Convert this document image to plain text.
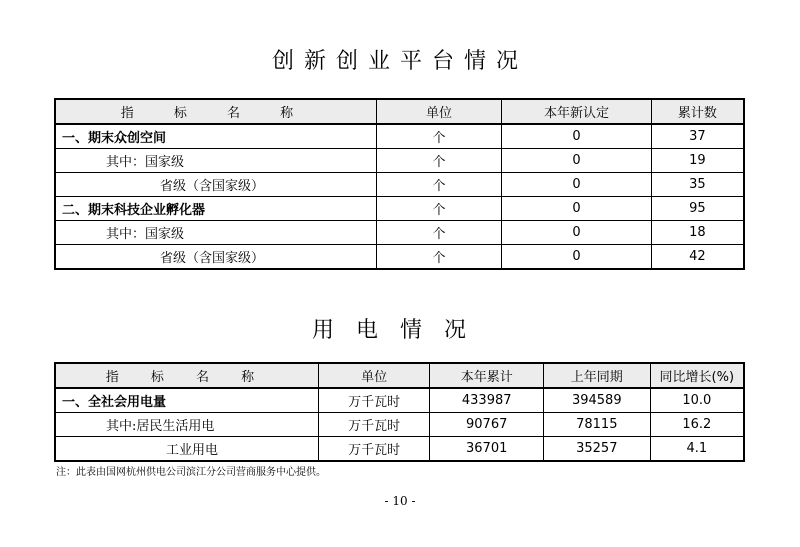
创新创业平台情况
指 标 名 称	单位	本年新认定	累计数
一、期末众创空间	个	0	37
其中：国家级	个	0	19
省级（含国家级）	个	0	35
二、期末科技企业孵化器	个	0	95
其中：国家级	个	0	18
省级（含国家级）	个	0	42
用电情况
指 标 名 称	单位	本年累计	上年同期	同比增长(%)
一、全社会用电量	万千瓦时	433987	394589	10.0
其中:居民生活用电	万千瓦时	90767	78115	16.2
工业用电	万千瓦时	36701	35257	4.1
注：此表由国网杭州供电公司滨江分公司营商服务中心提供。
- 10 -
